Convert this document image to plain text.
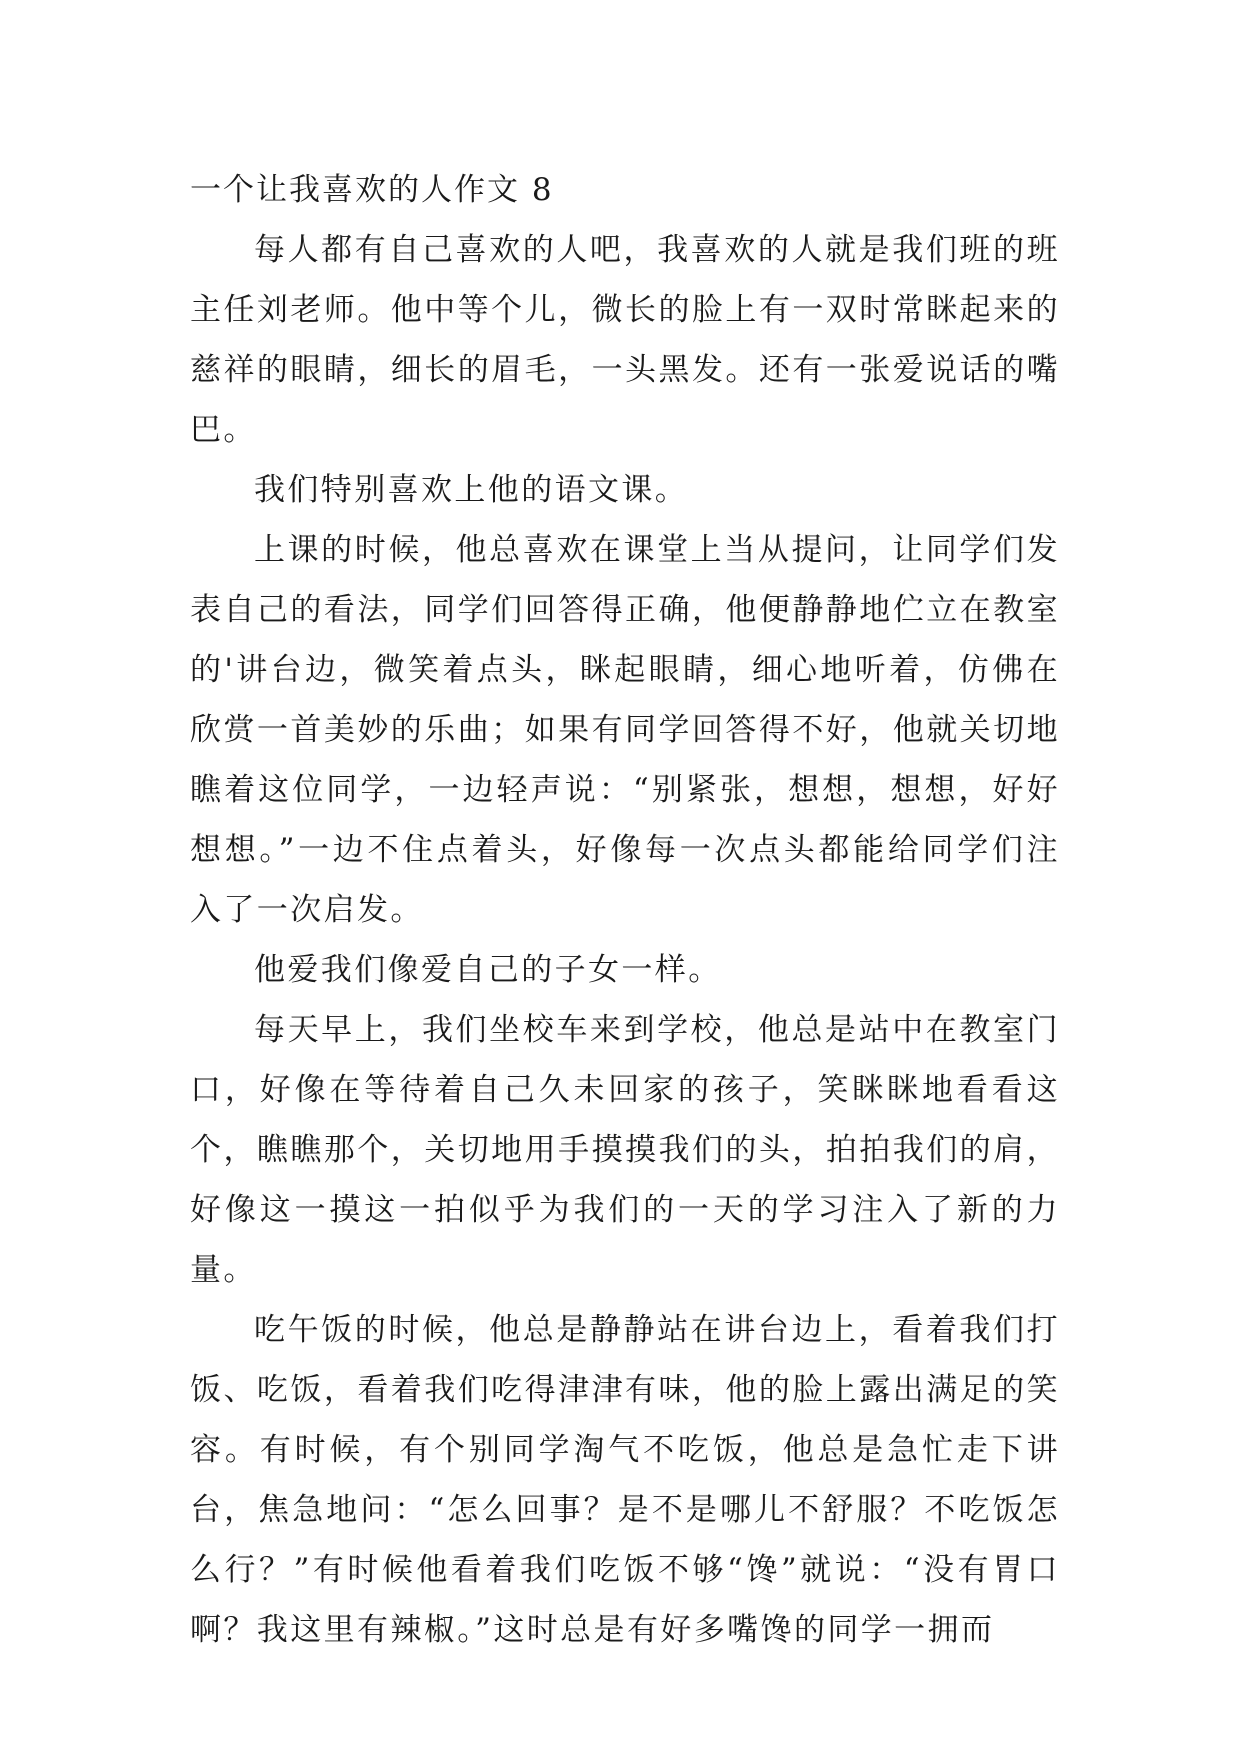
一个让我喜欢的人作文 8

每人都有自己喜欢的人吧，我喜欢的人就是我们班的班主任刘老师。他中等个儿，微长的脸上有一双时常眯起来的慈祥的眼睛，细长的眉毛，一头黑发。还有一张爱说话的嘴巴。

我们特别喜欢上他的语文课。

上课的时候，他总喜欢在课堂上当从提问，让同学们发表自己的看法，同学们回答得正确，他便静静地伫立在教室的'讲台边，微笑着点头，眯起眼睛，细心地听着，仿佛在欣赏一首美妙的乐曲；如果有同学回答得不好，他就关切地瞧着这位同学，一边轻声说：“别紧张，想想，想想，好好想想。”一边不住点着头，好像每一次点头都能给同学们注入了一次启发。

他爱我们像爱自己的子女一样。

每天早上，我们坐校车来到学校，他总是站中在教室门口，好像在等待着自己久未回家的孩子，笑眯眯地看看这个，瞧瞧那个，关切地用手摸摸我们的头，拍拍我们的肩，好像这一摸这一拍似乎为我们的一天的学习注入了新的力量。

吃午饭的时候，他总是静静站在讲台边上，看着我们打饭、吃饭，看着我们吃得津津有味，他的脸上露出满足的笑容。有时候，有个别同学淘气不吃饭，他总是急忙走下讲台，焦急地问：“怎么回事？是不是哪儿不舒服？不吃饭怎么行？”有时候他看着我们吃饭不够“馋”就说：“没有胃口啊？我这里有辣椒。”这时总是有好多嘴馋的同学一拥而
